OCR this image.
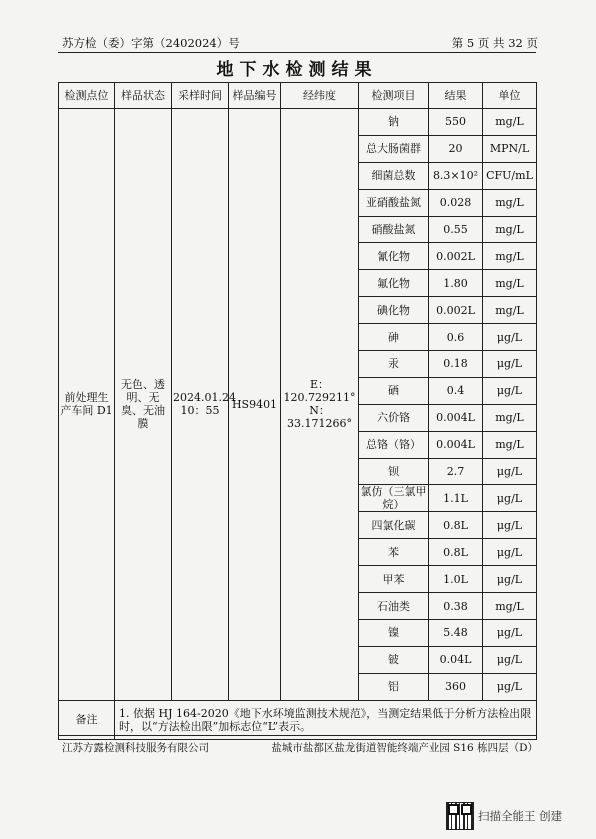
苏方检（委）字第（2402024）号	第 5 页 共 32 页
地下水检测结果
检测点位	样品状态	采样时间	样品编号	经纬度	检测项目	结果	单位
前处理生产车间 D1	无色、透明、无臭、无油膜	2024.01.24 10：55	HS9401	E：120.729211° N：33.171266°	钠	550	mg/L
					总大肠菌群	20	MPN/L
					细菌总数	8.3×10²	CFU/mL
					亚硝酸盐氮	0.028	mg/L
					硝酸盐氮	0.55	mg/L
					氰化物	0.002L	mg/L
					氟化物	1.80	mg/L
					碘化物	0.002L	mg/L
					砷	0.6	μg/L
					汞	0.18	μg/L
					硒	0.4	μg/L
					六价铬	0.004L	mg/L
					总铬（铬）	0.004L	mg/L
					钡	2.7	μg/L
					氯仿（三氯甲烷）	1.1L	μg/L
					四氯化碳	0.8L	μg/L
					苯	0.8L	μg/L
					甲苯	1.0L	μg/L
					石油类	0.38	mg/L
					镍	5.48	μg/L
					铍	0.04L	μg/L
					铝	360	μg/L
备注	1. 依据 HJ 164-2020《地下水环境监测技术规范》，当测定结果低于分析方法检出限时，以“方法检出限”加标志位“L”表示。						
江苏方露检测科技服务有限公司	盐城市盐都区盐龙街道智能终端产业园 S16 栋四层（D）
扫描全能王 创建
